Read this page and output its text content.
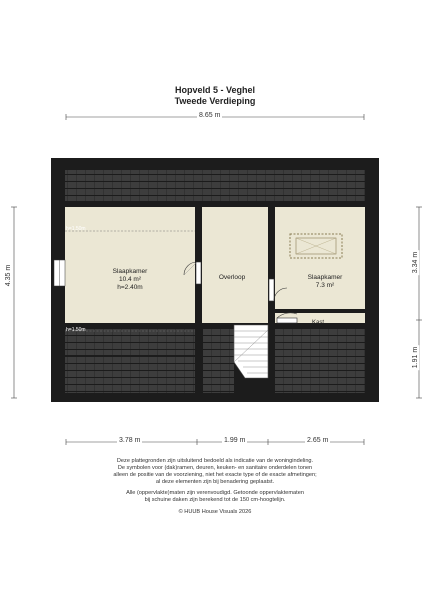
Hopveld 5 - Veghel
Tweede Verdieping
h=1.50m
h=1.50m
Slaapkamer
10.4 m²
h=2.40m
Overloop	Slaapkamer
7.3 m²
Kast
8.65 m
4.35 m
3.34 m
1.91 m
3.78 m	1.99 m	2.65 m
Deze plattegronden zijn uitsluitend bedoeld als indicatie van de woningindeling.
De symbolen voor (dak)ramen, deuren, keuken- en sanitaire onderdelen tonen
alleen de positie van de voorziening, niet het exacte type of de exacte afmetingen;
al deze elementen zijn bij benadering geplaatst.
Alle (oppervlakte)maten zijn verenvoudigd. Getoonde oppervlaktematen
bij schuine daken zijn berekend tot de 150 cm-hoogtelijn.
© HUUB House Visuals 2026
